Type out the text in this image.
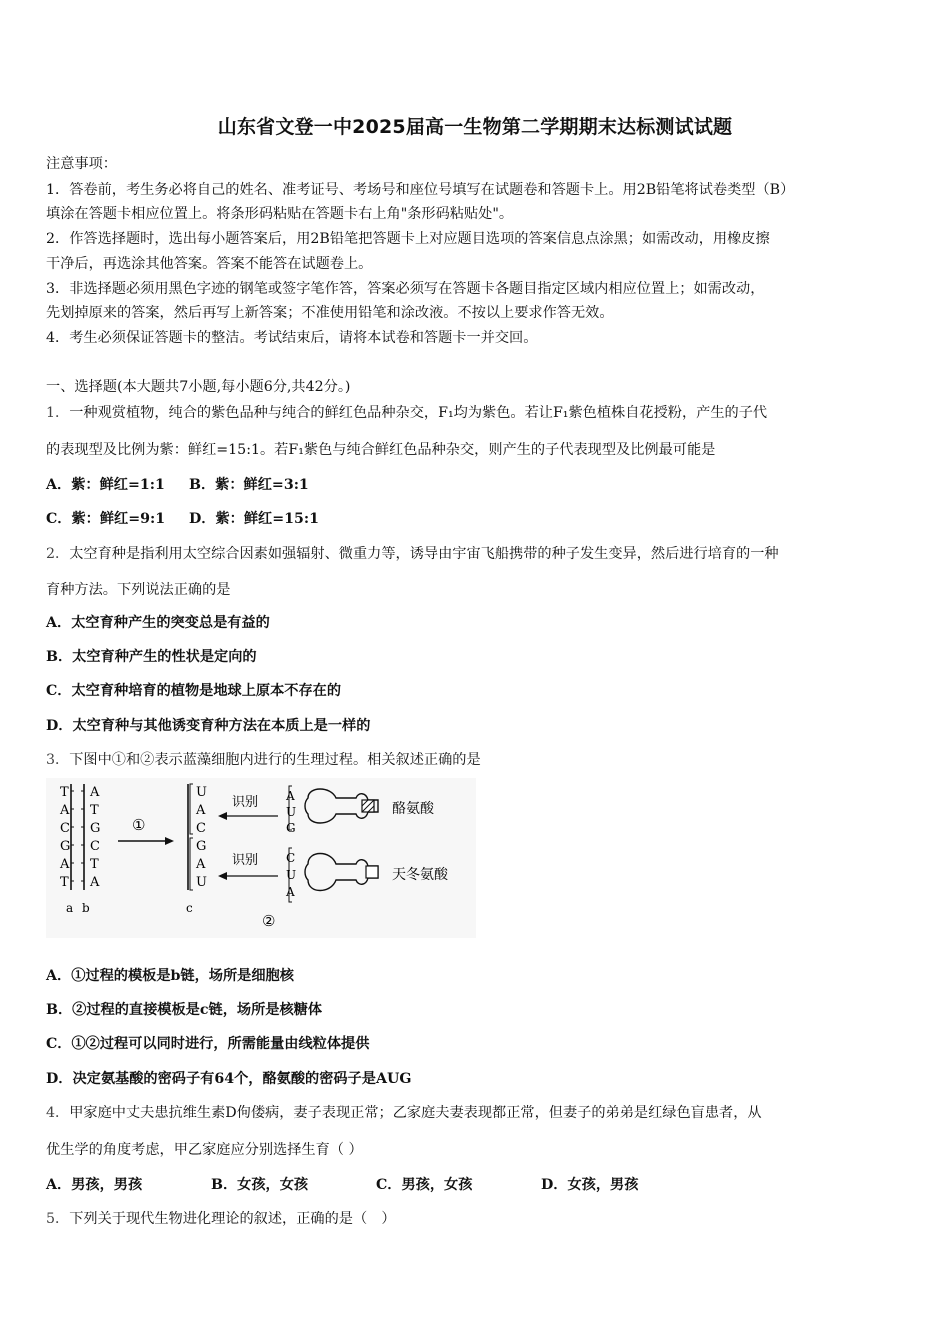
山东省文登一中2025届高一生物第二学期期末达标测试试题
注意事项：
1．答卷前，考生务必将自己的姓名、准考证号、考场号和座位号填写在试题卷和答题卡上。用2B铅笔将试卷类型（B）
填涂在答题卡相应位置上。将条形码粘贴在答题卡右上角"条形码粘贴处"。
2．作答选择题时，选出每小题答案后，用2B铅笔把答题卡上对应题目选项的答案信息点涂黑；如需改动，用橡皮擦
干净后，再选涂其他答案。答案不能答在试题卷上。
3．非选择题必须用黑色字迹的钢笔或签字笔作答，答案必须写在答题卡各题目指定区域内相应位置上；如需改动，
先划掉原来的答案，然后再写上新答案；不准使用铅笔和涂改液。不按以上要求作答无效。
4．考生必须保证答题卡的整洁。考试结束后，请将本试卷和答题卡一并交回。
一、选择题(本大题共7小题,每小题6分,共42分。)
1．一种观赏植物，纯合的紫色品种与纯合的鲜红色品种杂交，F₁均为紫色。若让F₁紫色植株自花授粉，产生的子代
的表现型及比例为紫：鲜红=15:1。若F₁紫色与纯合鲜红色品种杂交，则产生的子代表现型及比例最可能是
A．紫：鲜红=1:1 B．紫：鲜红=3:1
C．紫：鲜红=9:1 D．紫：鲜红=15:1
2．太空育种是指利用太空综合因素如强辐射、微重力等，诱导由宇宙飞船携带的种子发生变异，然后进行培育的一种
育种方法。下列说法正确的是
A．太空育种产生的突变总是有益的
B．太空育种产生的性状是定向的
C．太空育种培育的植物是地球上原本不存在的
D．太空育种与其他诱变育种方法在本质上是一样的
3．下图中①和②表示蓝藻细胞内进行的生理过程。相关叙述正确的是
T
A
C
G
A
T
A
T
G
C
T
A
a b
①
U
A
C
G
A
U
c
识别
识别
②
A
U
G
酪氨酸
C
U
A
天冬氨酸
A．①过程的模板是b链，场所是细胞核
B．②过程的直接模板是c链，场所是核糖体
C．①②过程可以同时进行，所需能量由线粒体提供
D．决定氨基酸的密码子有64个，酪氨酸的密码子是AUG
4．甲家庭中丈夫患抗维生素D佝偻病，妻子表现正常；乙家庭夫妻表现都正常，但妻子的弟弟是红绿色盲患者，从
优生学的角度考虑，甲乙家庭应分别选择生育（ ）
A．男孩，男孩	B．女孩，女孩	C．男孩，女孩	D．女孩，男孩
5．下列关于现代生物进化理论的叙述，正确的是（　）
